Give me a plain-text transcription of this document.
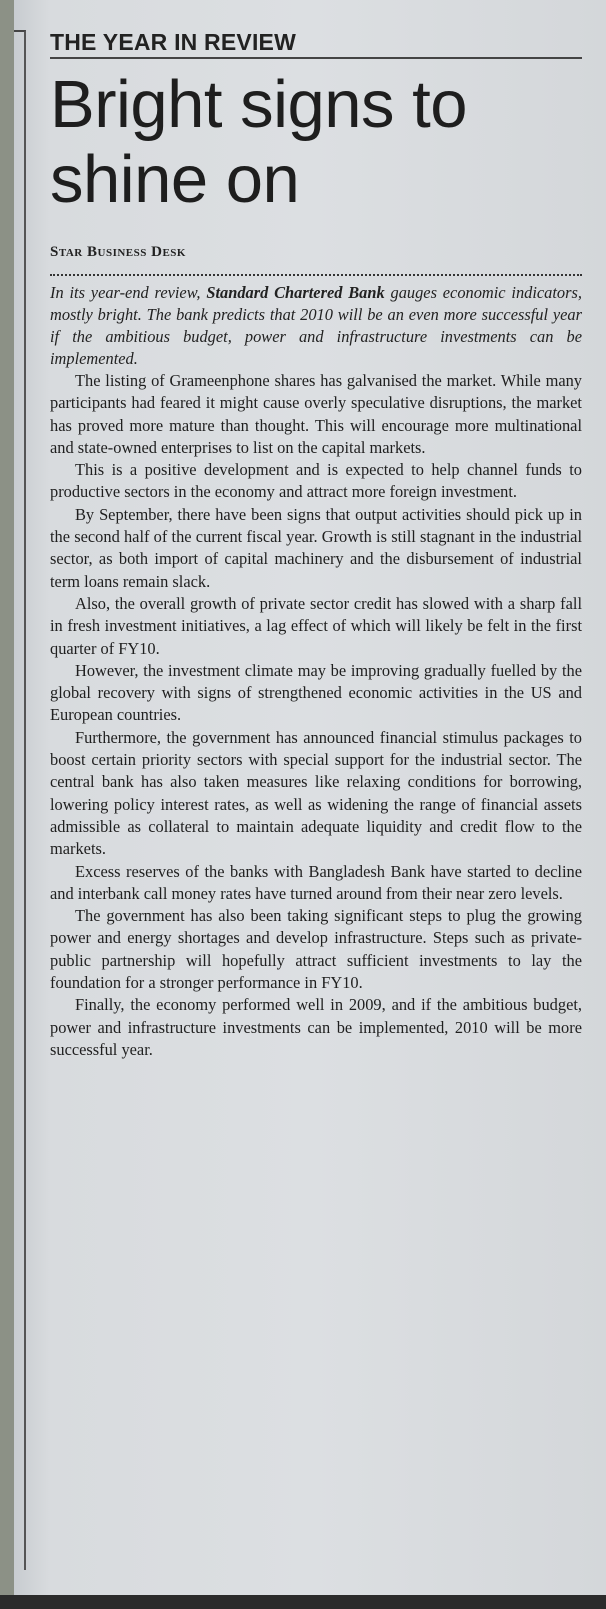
THE YEAR IN REVIEW
Bright signs to shine on
Star Business Desk

In its year-end review, Standard Chartered Bank gauges economic indicators, mostly bright. The bank predicts that 2010 will be an even more successful year if the ambitious budget, power and infrastructure investments can be implemented.

The listing of Grameenphone shares has galvanised the market. While many participants had feared it might cause overly speculative disruptions, the market has proved more mature than thought. This will encourage more multinational and state-owned enterprises to list on the capital markets.

This is a positive development and is expected to help channel funds to productive sectors in the economy and attract more foreign investment.

By September, there have been signs that output activities should pick up in the second half of the current fiscal year. Growth is still stagnant in the industrial sector, as both import of capital machinery and the disbursement of industrial term loans remain slack.

Also, the overall growth of private sector credit has slowed with a sharp fall in fresh investment initiatives, a lag effect of which will likely be felt in the first quarter of FY10.

However, the investment climate may be improving gradually fuelled by the global recovery with signs of strengthened economic activities in the US and European countries.

Furthermore, the government has announced financial stimulus packages to boost certain priority sectors with special support for the industrial sector. The central bank has also taken measures like relaxing conditions for borrowing, lowering policy interest rates, as well as widening the range of financial assets admissible as collateral to maintain adequate liquidity and credit flow to the markets.

Excess reserves of the banks with Bangladesh Bank have started to decline and interbank call money rates have turned around from their near zero levels.

The government has also been taking significant steps to plug the growing power and energy shortages and develop infrastructure. Steps such as private-public partnership will hopefully attract sufficient investments to lay the foundation for a stronger performance in FY10.

Finally, the economy performed well in 2009, and if the ambitious budget, power and infrastructure investments can be implemented, 2010 will be more successful year.
